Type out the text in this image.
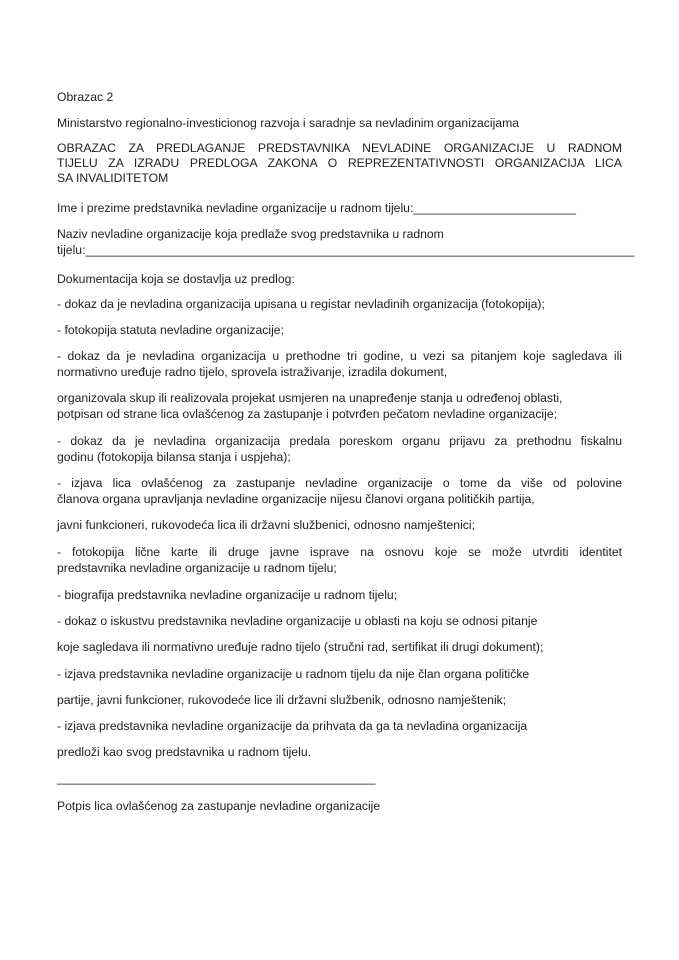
Obrazac 2
Ministarstvo regionalno-investicionog razvoja i saradnje sa nevladinim organizacijama
OBRAZAC ZA PREDLAGANJE PREDSTAVNIKA NEVLADINE ORGANIZACIJE U RADNOM
TIJELU ZA IZRADU PREDLOGA ZAKONA O REPREZENTATIVNOSTI ORGANIZACIJA LICA
SA INVALIDITETOM
Ime i prezime predstavnika nevladine organizacije u radnom tijelu:________________________
Naziv nevladine organizacije koja predlaže svog predstavnika u radnom
tijelu:_________________________________________________________________________________
Dokumentacija koja se dostavlja uz predlog:
- dokaz da je nevladina organizacija upisana u registar nevladinih organizacija (fotokopija);
- fotokopija statuta nevladine organizacije;
- dokaz da je nevladina organizacija u prethodne tri godine, u vezi sa pitanjem koje sagledava ili
normativno uređuje radno tijelo, sprovela istraživanje, izradila dokument,
organizovala skup ili realizovala projekat usmjeren na unapređenje stanja u određenoj oblasti,
potpisan od strane lica ovlašćenog za zastupanje i potvrđen pečatom nevladine organizacije;
- dokaz da je nevladina organizacija predala poreskom organu prijavu za prethodnu fiskalnu
godinu (fotokopija bilansa stanja i uspjeha);
- izjava lica ovlašćenog za zastupanje nevladine organizacije o tome da više od polovine
članova organa upravljanja nevladine organizacije nijesu članovi organa političkih partija,
javni funkcioneri, rukovodeća lica ili državni službenici, odnosno namještenici;
- fotokopija lične karte ili druge javne isprave na osnovu koje se može utvrditi identitet
predstavnika nevladine organizacije u radnom tijelu;
- biografija predstavnika nevladine organizacije u radnom tijelu;
- dokaz o iskustvu predstavnika nevladine organizacije u oblasti na koju se odnosi pitanje
koje sagledava ili normativno uređuje radno tijelo (stručni rad, sertifikat ili drugi dokument);
- izjava predstavnika nevladine organizacije u radnom tijelu da nije član organa političke
partije, javni funkcioner, rukovodeće lice ili državni službenik, odnosno namještenik;
- izjava predstavnika nevladine organizacije da prihvata da ga ta nevladina organizacija
predloži kao svog predstavnika u radnom tijelu.
_______________________________________________
Potpis lica ovlašćenog za zastupanje nevladine organizacije
